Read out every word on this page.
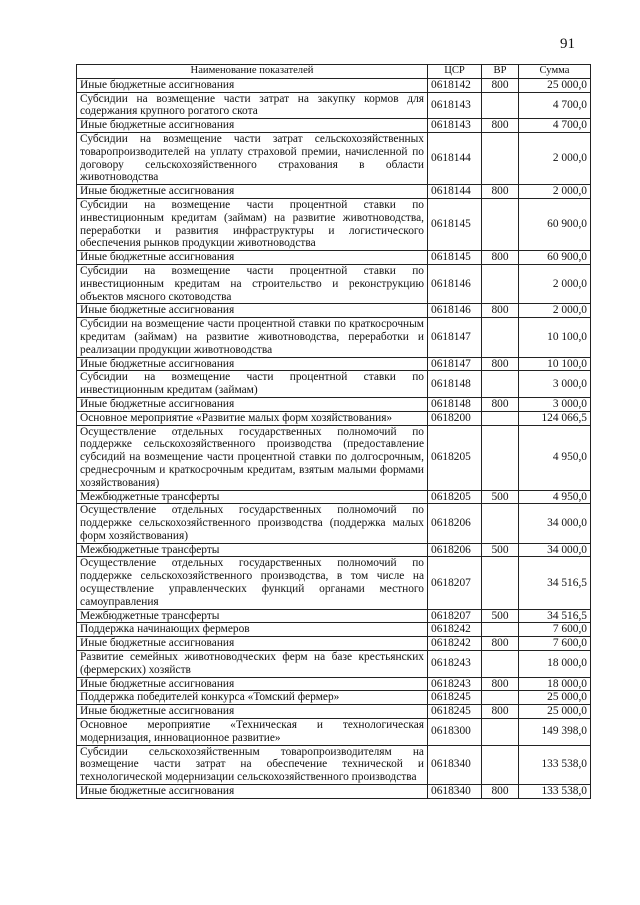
91
Наименование показателей	ЦСР	ВР	Сумма
Иные бюджетные ассигнования	0618142	800	25 000,0
Субсидии на возмещение части затрат на закупку кормов для содержания крупного рогатого скота	0618143		4 700,0
Иные бюджетные ассигнования	0618143	800	4 700,0
Субсидии на возмещение части затрат сельскохозяйственных товаропроизводителей на уплату страховой премии, начисленной по договору сельскохозяйственного страхования в области животноводства	0618144		2 000,0
Иные бюджетные ассигнования	0618144	800	2 000,0
Субсидии на возмещение части процентной ставки по инвестиционным кредитам (займам) на развитие животноводства, переработки и развития инфраструктуры и логистического обеспечения рынков продукции животноводства	0618145		60 900,0
Иные бюджетные ассигнования	0618145	800	60 900,0
Субсидии на возмещение части процентной ставки по инвестиционным кредитам на строительство и реконструкцию объектов мясного скотоводства	0618146		2 000,0
Иные бюджетные ассигнования	0618146	800	2 000,0
Субсидии на возмещение части процентной ставки по краткосрочным кредитам (займам) на развитие животноводства, переработки и реализации продукции животноводства	0618147		10 100,0
Иные бюджетные ассигнования	0618147	800	10 100,0
Субсидии на возмещение части процентной ставки по инвестиционным кредитам (займам)	0618148		3 000,0
Иные бюджетные ассигнования	0618148	800	3 000,0
Основное мероприятие «Развитие малых форм хозяйствования»	0618200		124 066,5
Осуществление отдельных государственных полномочий по поддержке сельскохозяйственного производства (предоставление субсидий на возмещение части процентной ставки по долгосрочным, среднесрочным и краткосрочным кредитам, взятым малыми формами хозяйствования)	0618205		4 950,0
Межбюджетные трансферты	0618205	500	4 950,0
Осуществление отдельных государственных полномочий по поддержке сельскохозяйственного производства (поддержка малых форм хозяйствования)	0618206		34 000,0
Межбюджетные трансферты	0618206	500	34 000,0
Осуществление отдельных государственных полномочий по поддержке сельскохозяйственного производства, в том числе на осуществление управленческих функций органами местного самоуправления	0618207		34 516,5
Межбюджетные трансферты	0618207	500	34 516,5
Поддержка начинающих фермеров	0618242		7 600,0
Иные бюджетные ассигнования	0618242	800	7 600,0
Развитие семейных животноводческих ферм на базе крестьянских (фермерских) хозяйств	0618243		18 000,0
Иные бюджетные ассигнования	0618243	800	18 000,0
Поддержка победителей конкурса «Томский фермер»	0618245		25 000,0
Иные бюджетные ассигнования	0618245	800	25 000,0
Основное мероприятие «Техническая и технологическая модернизация, инновационное развитие»	0618300		149 398,0
Субсидии сельскохозяйственным товаропроизводителям на возмещение части затрат на обеспечение технической и технологической модернизации сельскохозяйственного производства	0618340		133 538,0
Иные бюджетные ассигнования	0618340	800	133 538,0
